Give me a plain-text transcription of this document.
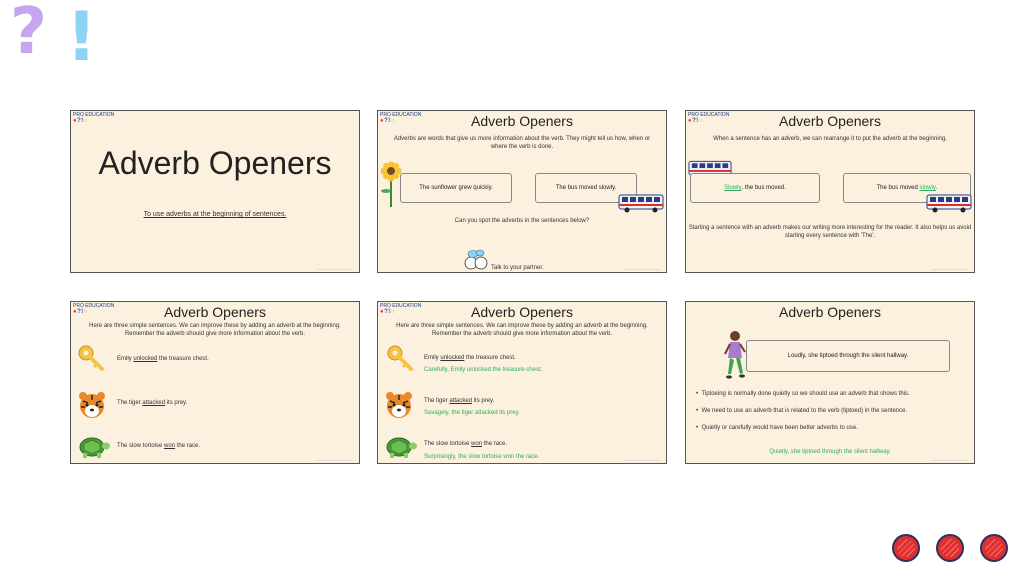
? !
PRO EDUCATION
●?!○
Adverb Openers
To use adverbs at the beginning of sentences.
PRO EDUCATION
●?!○	Adverb Openers
Adverbs are words that give us more information about the verb. They might tell us how, when or where the verb is done.
The sunflower grew quickly.	The bus moved slowly.
Can you spot the adverbs in the sentences below?
Talk to your partner.
PRO EDUCATION
●?!○	Adverb Openers
When a sentence has an adverb, we can rearrange it to put the adverb at the beginning.
Slowly , the bus moved.	The bus moved
slowly .
Starting a sentence with an adverb makes our writing more interesting for the reader. It also helps us avoid starting every sentence with 'The'.
PRO EDUCATION
●?!○	Adverb Openers
Here are three simple sentences. We can improve these by adding an adverb at the beginning. Remember the adverb should give more information about the verb.
Emily unlocked the treasure chest.
The tiger attacked its prey.
The slow tortoise won the race.
PRO EDUCATION
●?!○	Adverb Openers
Here are three simple sentences. We can improve these by adding an adverb at the beginning. Remember the adverb should give more information about the verb.
Emily unlocked the treasure chest.
Carefully, Emily unlocked the treasure chest.
The tiger attacked its prey.
Savagely, the tiger attacked its prey.
The slow tortoise won the race.
Surprisingly, the slow tortoise won the race.
Adverb Openers
Loudly, she tiptoed through the silent hallway.
•  Tiptoeing is normally done quietly so we should use an adverb that shows this.
•  We need to use an adverb that is related to the verb (tiptoed) in the sentence.
•  Quietly or carefully would have been better adverbs to use.
Quietly, she tiptoed through the silent hallway.
